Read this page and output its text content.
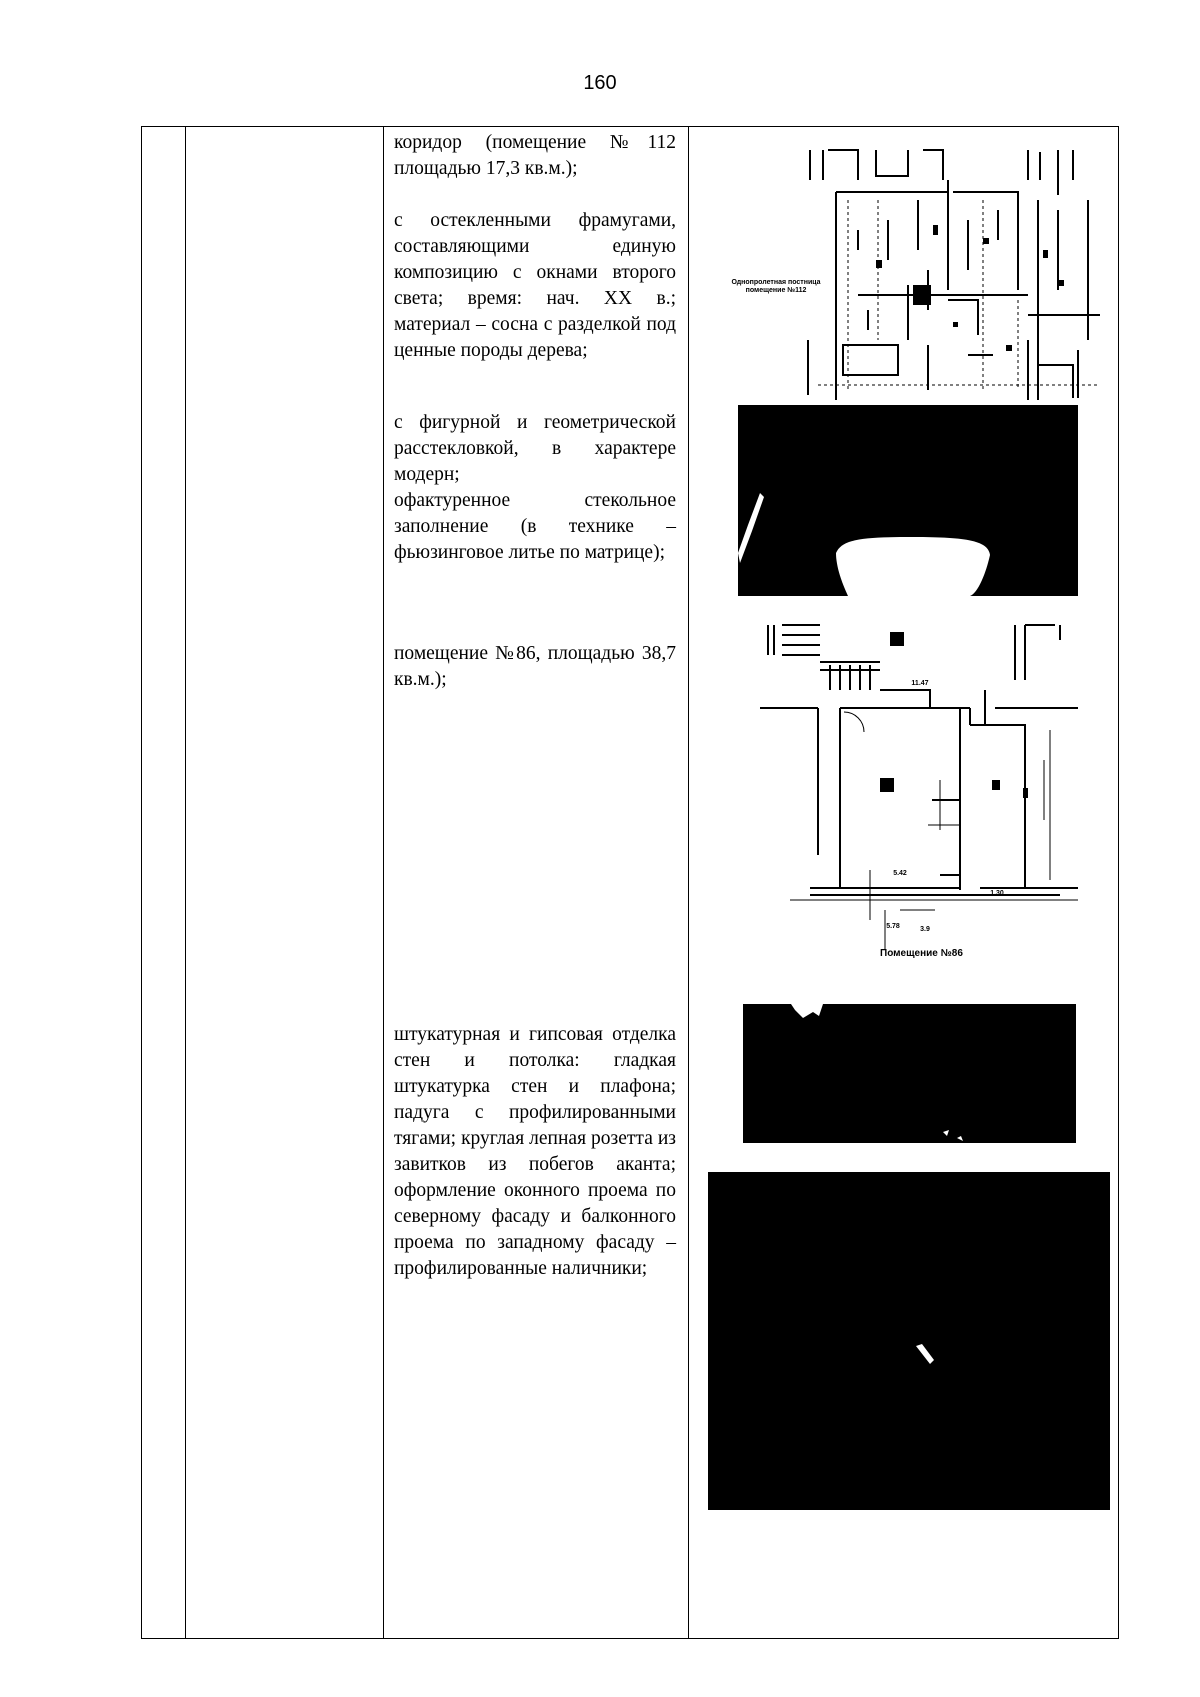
160

коридор (помещение №112 площадью 17,3 кв.м.);

с остекленными фрамугами, составляющими единую композицию с окнами второго света; время: нач. XX в.; материал – сосна с разделкой под ценные породы дерева;

с фигурной и геометрической расстекловкой, в характере модерн;

офактуренное стекольное заполнение (в технике – фьюзинговое литье по матрице);

помещение №86, площадью 38,7 кв.м.);

штукатурная и гипсовая отделка стен и потолка: гладкая штукатурка стен и плафона; падуга с профилированными тягами; круглая лепная розетта из завитков из побегов аканта; оформление оконного проема по северному фасаду и балконного проема по западному фасаду – профилированные наличники;

Однопролетная постница помещение №112
11.47
5.42
1.30
5.78	3.9
Помещение №86
